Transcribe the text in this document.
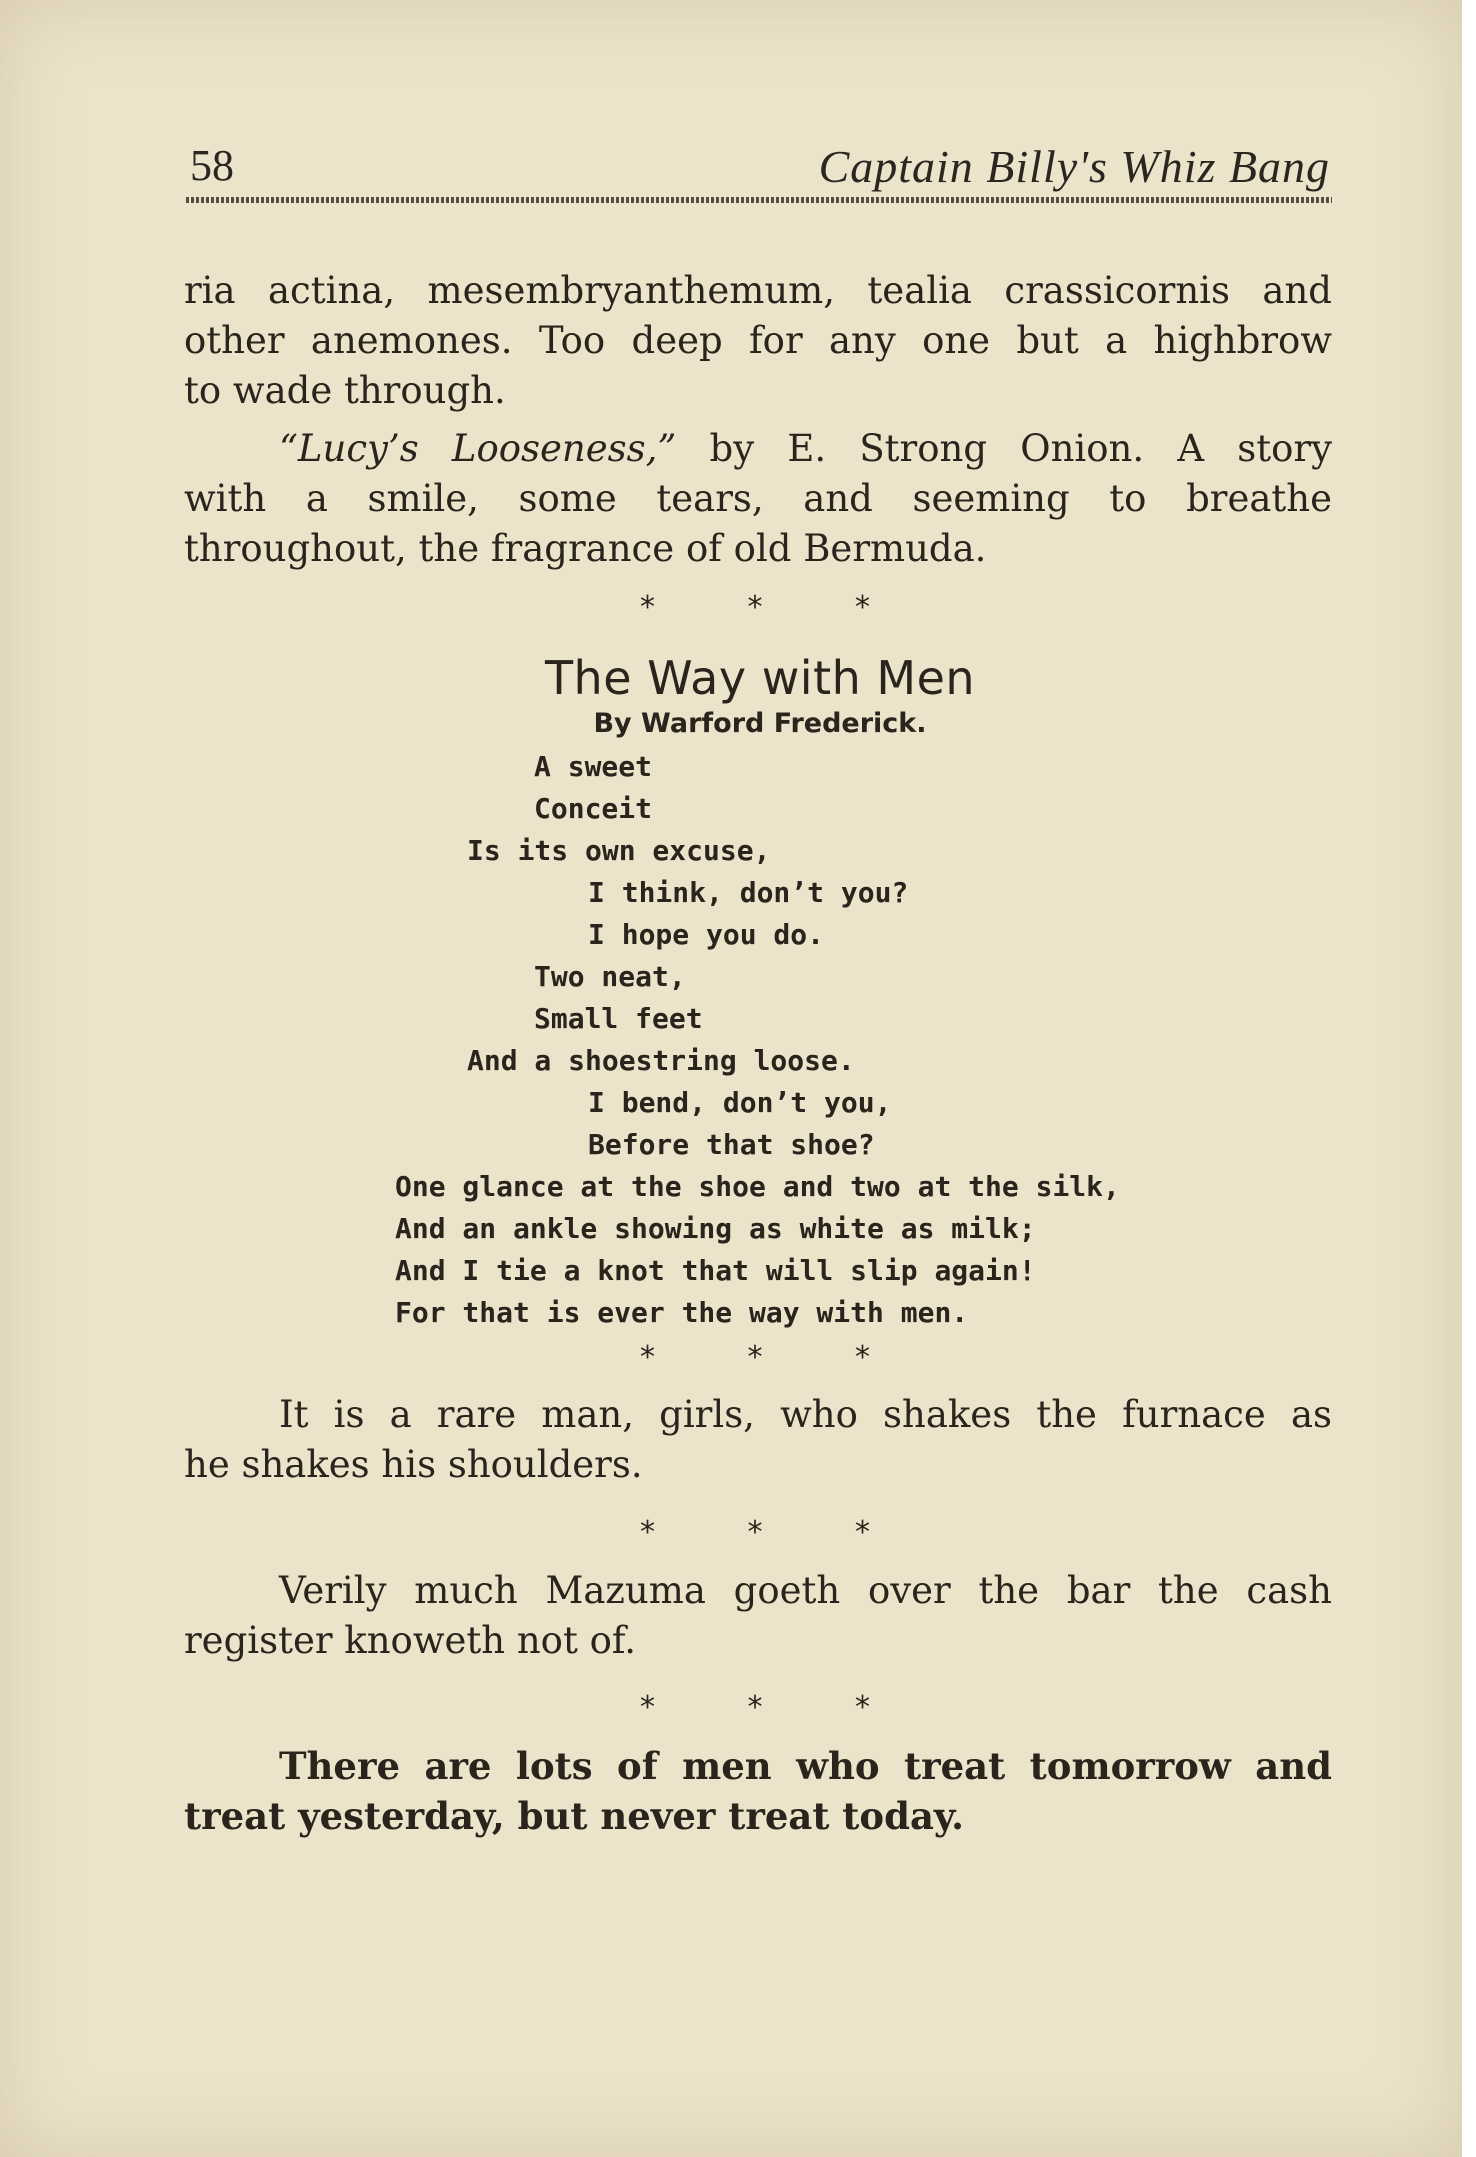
58	Captain Billy's Whiz Bang

ria actina, mesembryanthemum, tealia crassicornis and

other anemones. Too deep for any one but a highbrow

to wade through.

“Lucy’s Looseness,” by E. Strong Onion. A story

with a smile, some tears, and seeming to breathe

throughout, the fragrance of old Bermuda.

*	*	*
The Way with Men
By Warford Frederick.
A sweet
Conceit
Is its own excuse,
I think, don’t you?
I hope you do.
Two neat,
Small feet
And a shoestring loose.
I bend, don’t you,
Before that shoe?
One glance at the shoe and two at the silk,
And an ankle showing as white as milk;
And I tie a knot that will slip again!
For that is ever the way with men.
*	*	*

It is a rare man, girls, who shakes the furnace as

he shakes his shoulders.

*	*	*

Verily much Mazuma goeth over the bar the cash

register knoweth not of.

*	*	*

There are lots of men who treat tomorrow and

treat yesterday, but never treat today.
